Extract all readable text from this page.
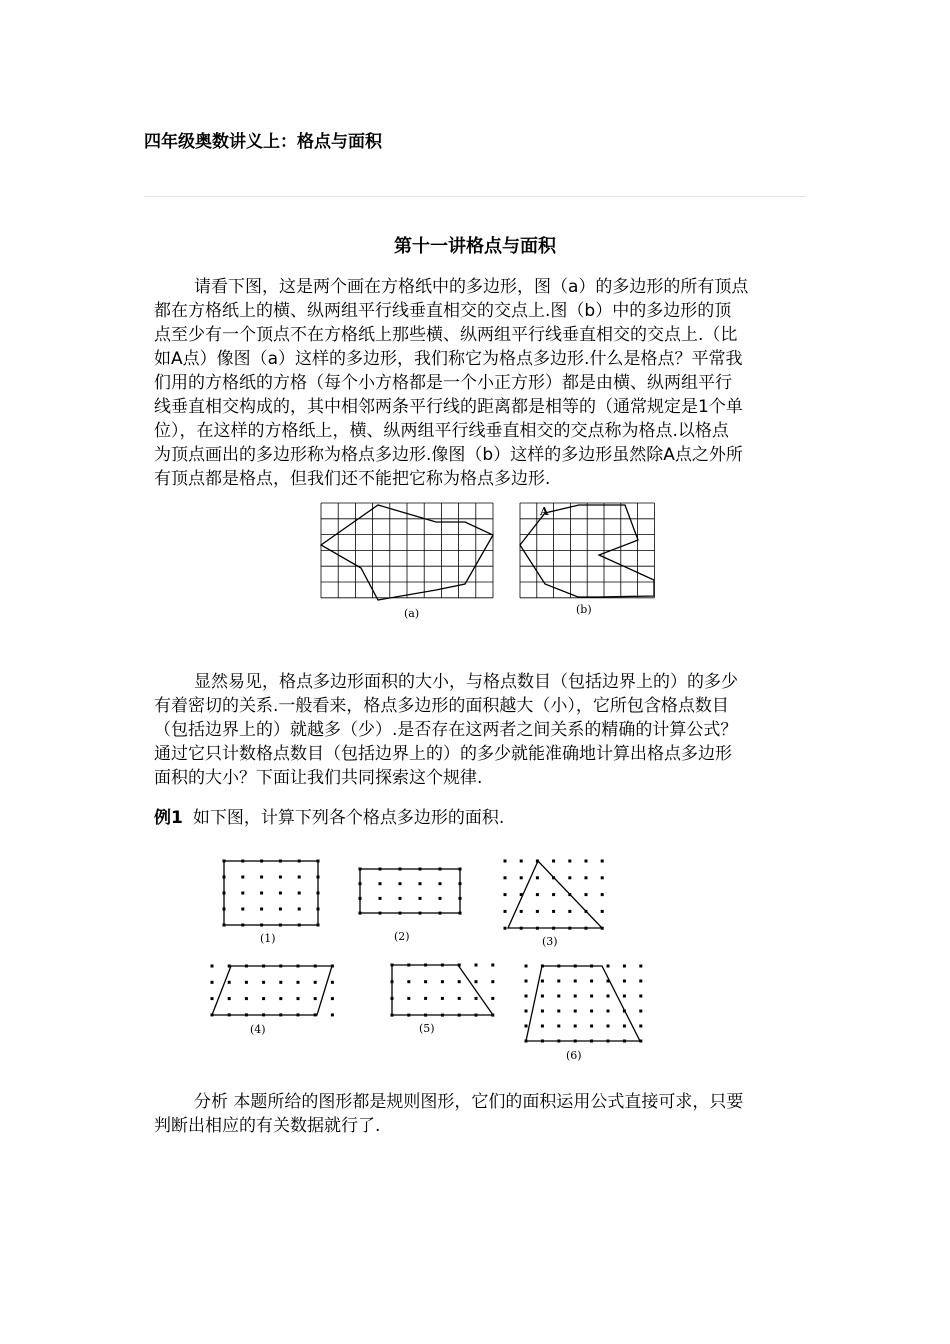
四年级奥数讲义上：格点与面积
第十一讲格点与面积

请看下图，这是两个画在方格纸中的多边形，图（a）的多边形的所有顶点
都在方格纸上的横、纵两组平行线垂直相交的交点上.图（b）中的多边形的顶
点至少有一个顶点不在方格纸上那些横、纵两组平行线垂直相交的交点上.（比
如A点）像图（a）这样的多边形，我们称它为格点多边形.什么是格点？平常我
们用的方格纸的方格（每个小方格都是一个小正方形）都是由横、纵两组平行
线垂直相交构成的，其中相邻两条平行线的距离都是相等的（通常规定是1个单
位），在这样的方格纸上，横、纵两组平行线垂直相交的交点称为格点.以格点
为顶点画出的多边形称为格点多边形.像图（b）这样的多边形虽然除A点之外所
有顶点都是格点，但我们还不能把它称为格点多边形.

显然易见，格点多边形面积的大小，与格点数目（包括边界上的）的多少
有着密切的关系.一般看来，格点多边形的面积越大（小），它所包含格点数目
（包括边界上的）就越多（少）.是否存在这两者之间关系的精确的计算公式？
通过它只计数格点数目（包括边界上的）的多少就能准确地计算出格点多边形
面积的大小？下面让我们共同探索这个规律.

例1 如下图，计算下列各个格点多边形的面积.

分析 本题所给的图形都是规则图形，它们的面积运用公式直接可求，只要
判断出相应的有关数据就行了.

(a)
A
(b)
(1)	(2)	(3)
(4)	(5)
(6)
